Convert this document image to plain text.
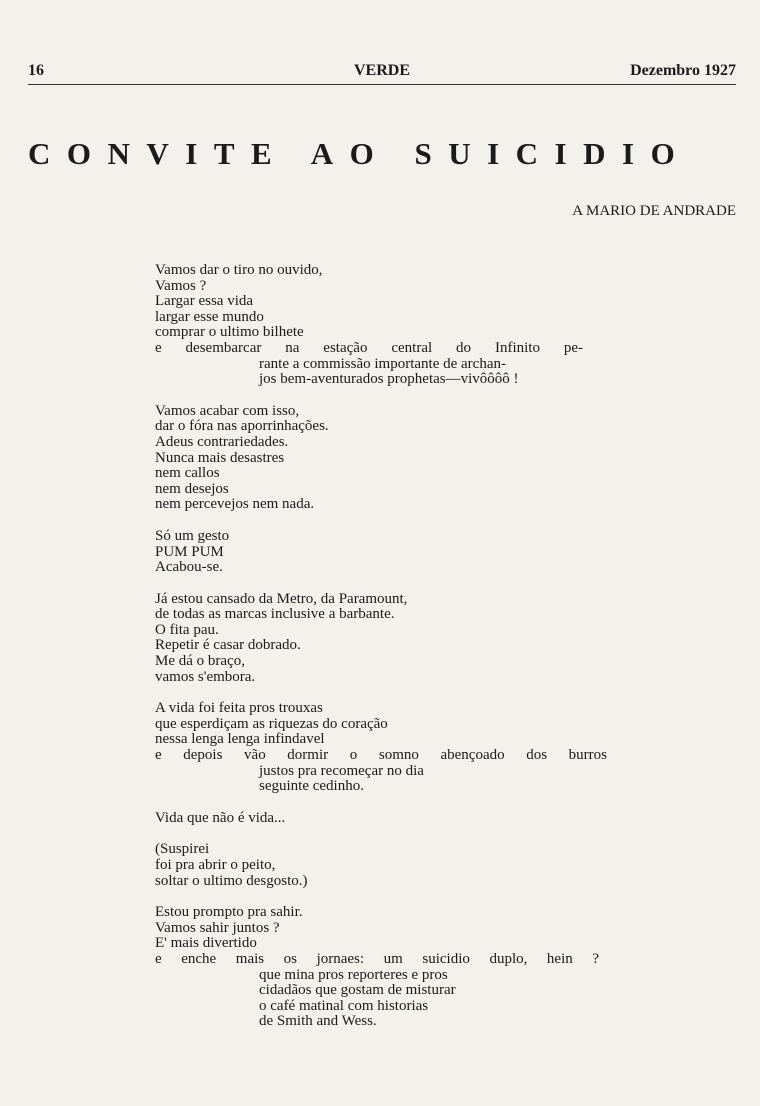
16	VERDE	Dezembro 1927
CONVITE AO SUICIDIO
A MARIO DE ANDRADE
Vamos dar o tiro no ouvido,
Vamos ?
Largar essa vida
largar esse mundo
comprar o ultimo bilhete
e desembarcar na estação central do Infinito pe-
rante a commissão importante de archan-
jos bem-aventurados prophetas—vivôôôô !
Vamos acabar com isso,
dar o fóra nas aporrinhações.
Adeus contrariedades.
Nunca mais desastres
nem callos
nem desejos
nem percevejos nem nada.
Só um gesto
PUM PUM
Acabou-se.
Já estou cansado da Metro, da Paramount,
de todas as marcas inclusive a barbante.
O fita pau.
Repetir é casar dobrado.
Me dá o braço,
vamos s'embora.
A vida foi feita pros trouxas
que esperdiçam as riquezas do coração
nessa lenga lenga infindavel
e depois vão dormir o somno abençoado dos burros
justos pra recomeçar no dia
seguinte cedinho.
Vida que não é vida...
(Suspirei
foi pra abrir o peito,
soltar o ultimo desgosto.)
Estou prompto pra sahir.
Vamos sahir juntos ?
E' mais divertido
e enche mais os jornaes: um suicidio duplo, hein ?
que mina pros reporteres e pros
cidadãos que gostam de misturar
o café matinal com historias
de Smith and Wess.
